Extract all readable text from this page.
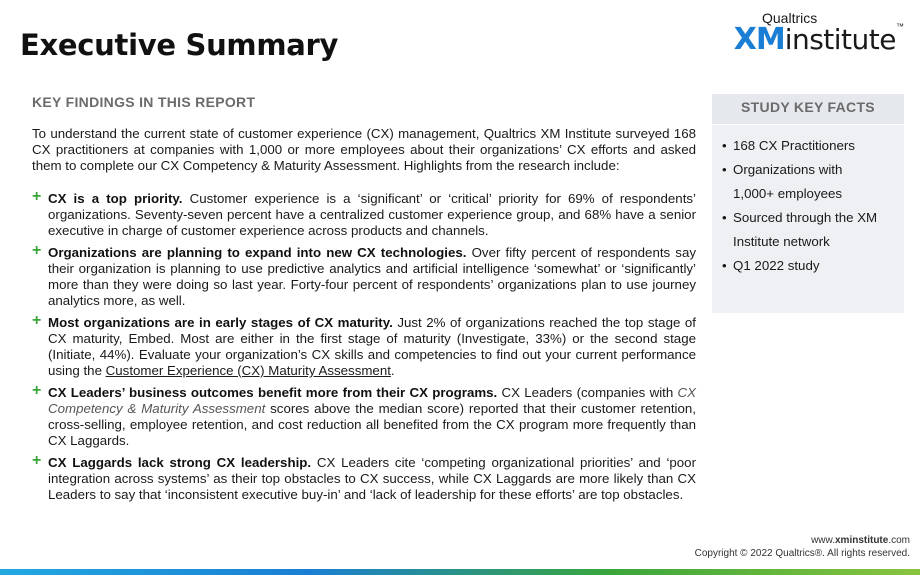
Executive Summary
Qualtrics
XMinstitute™
KEY FINDINGS IN THIS REPORT

To understand the current state of customer experience (CX) management, Qualtrics XM Institute surveyed 168 CX practitioners at companies with 1,000 or more employees about their organizations’ CX efforts and asked them to complete our CX Competency & Maturity Assessment. Highlights from the research include:

+ CX is a top priority. Customer experience is a ‘significant’ or ‘critical’ priority for 69% of respondents’ organizations. Seventy-seven percent have a centralized customer experience group, and 68% have a senior executive in charge of customer experience across products and channels.
+ Organizations are planning to expand into new CX technologies. Over fifty percent of respondents say their organization is planning to use predictive analytics and artificial intelligence ‘somewhat’ or ‘significantly’ more than they were doing so last year. Forty-four percent of respondents’ organizations plan to use journey analytics more, as well.
+ Most organizations are in early stages of CX maturity. Just 2% of organizations reached the top stage of CX maturity, Embed. Most are either in the first stage of maturity (Investigate, 33%) or the second stage (Initiate, 44%). Evaluate your organization’s CX skills and competencies to find out your current performance using the Customer Experience (CX) Maturity Assessment.
+ CX Leaders’ business outcomes benefit more from their CX programs. CX Leaders (companies with CX Competency & Maturity Assessment scores above the median score) reported that their customer retention, cross-selling, employee retention, and cost reduction all benefited from the CX program more frequently than CX Laggards.
+ CX Laggards lack strong CX leadership. CX Leaders cite ‘competing organizational priorities’ and ‘poor integration across systems’ as their top obstacles to CX success, while CX Laggards are more likely than CX Leaders to say that ‘inconsistent executive buy-in’ and ‘lack of leadership for these efforts’ are top obstacles.
STUDY KEY FACTS
• 168 CX Practitioners
• Organizations with
1,000+ employees
• Sourced through the XM
Institute network
• Q1 2022 study
www.xminstitute.com
Copyright © 2022 Qualtrics®. All rights reserved.
